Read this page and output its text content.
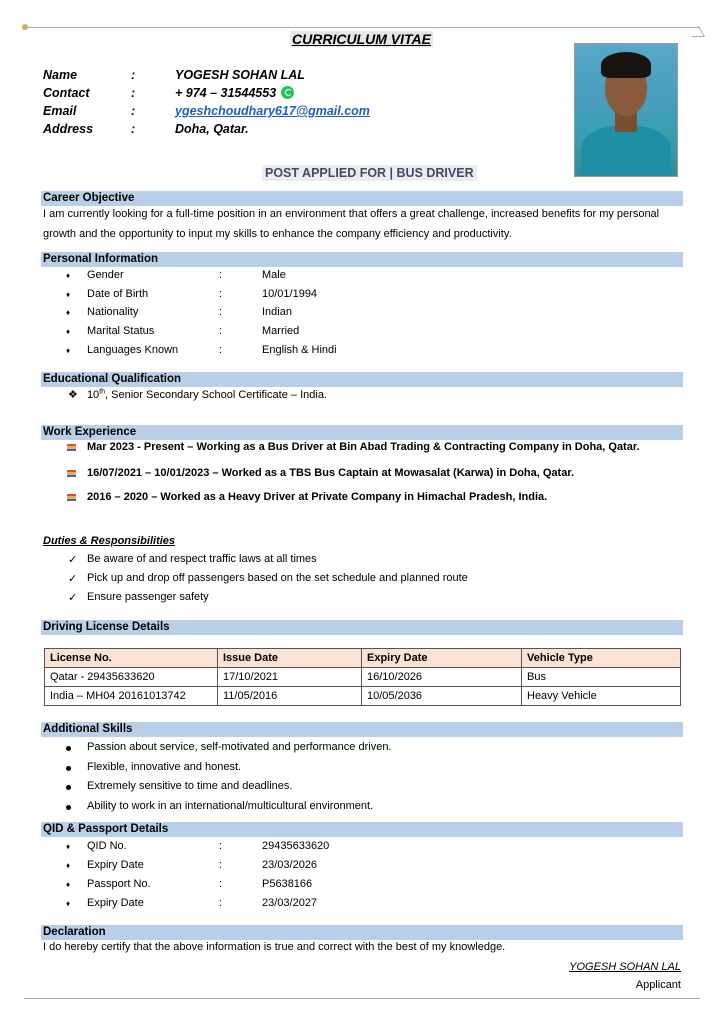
CURRICULUM VITAE
Name	:	YOGESH SOHAN LAL
Contact	:	+ 974 – 31544553
Email	:	ygeshchoudhary617@gmail.com
Address	:	Doha, Qatar.
POST APPLIED FOR | BUS DRIVER
Career Objective
I am currently looking for a full-time position in an environment that offers a great challenge, increased benefits for my personal growth and the opportunity to input my skills to enhance the company efficiency and productivity.
Personal Information
♦ Gender	:	Male
♦ Date of Birth	:	10/01/1994
♦ Nationality	:	Indian
♦ Marital Status	:	Married
♦ Languages Known	:	English & Hindi
Educational Qualification
❖ 10th, Senior Secondary School Certificate – India.
Work Experience
Mar 2023 - Present – Working as a Bus Driver at Bin Abad Trading & Contracting Company in Doha, Qatar.
16/07/2021 – 10/01/2023 – Worked as a TBS Bus Captain at Mowasalat (Karwa) in Doha, Qatar.
2016 – 2020 – Worked as a Heavy Driver at Private Company in Himachal Pradesh, India.
Duties & Responsibilities
✓ Be aware of and respect traffic laws at all times
✓ Pick up and drop off passengers based on the set schedule and planned route
✓ Ensure passenger safety
Driving License Details
License No.	Issue Date	Expiry Date	Vehicle Type
Qatar - 29435633620	17/10/2021	16/10/2026	Bus
India – MH04 20161013742	11/05/2016	10/05/2036	Heavy Vehicle
Additional Skills
Passion about service, self-motivated and performance driven.
Flexible, innovative and honest.
Extremely sensitive to time and deadlines.
Ability to work in an international/multicultural environment.
QID & Passport Details
♦ QID No.	:	29435633620
♦ Expiry Date	:	23/03/2026
♦ Passport No.	:	P5638166
♦ Expiry Date	:	23/03/2027
Declaration
I do hereby certify that the above information is true and correct with the best of my knowledge.
YOGESH SOHAN LAL
Applicant
